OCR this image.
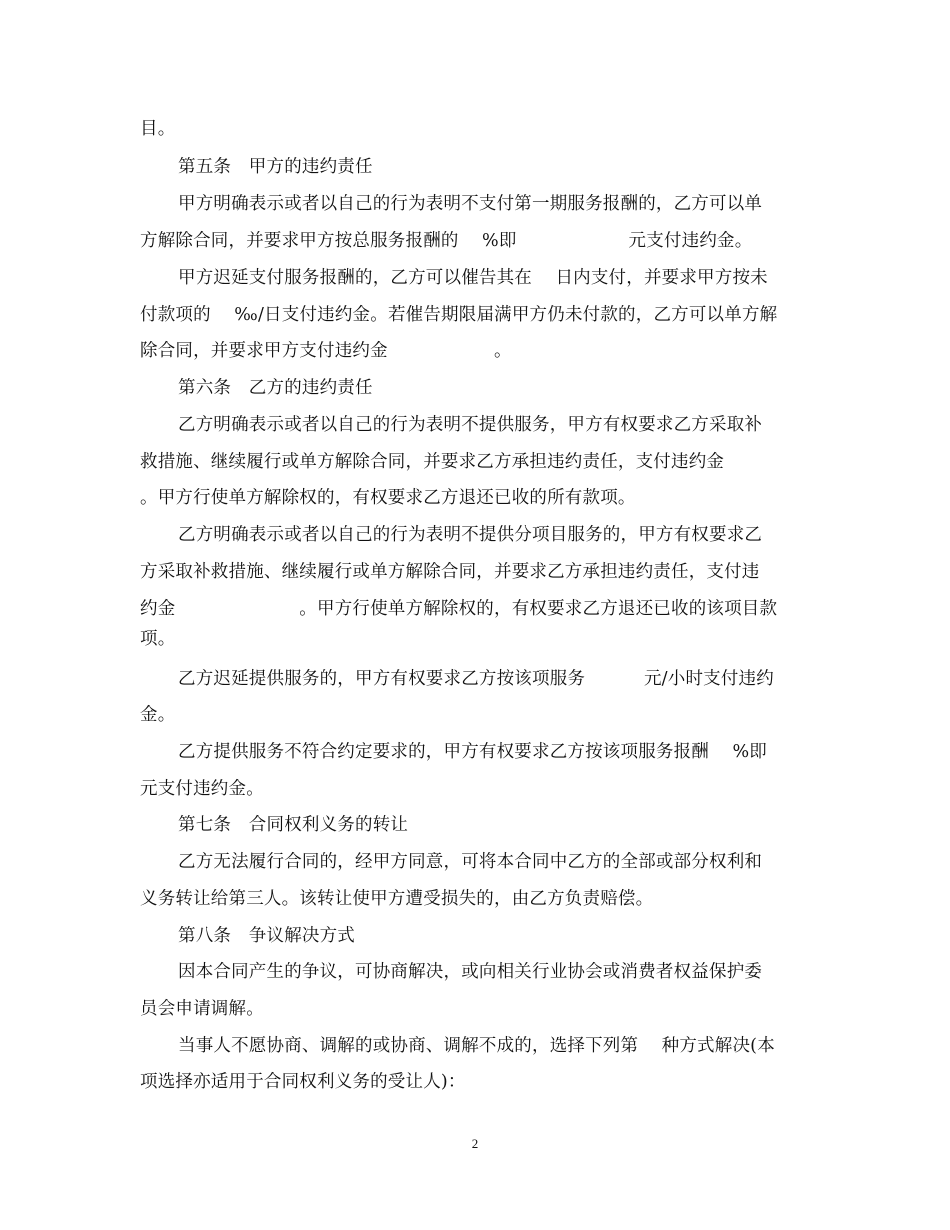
目。
第五条　甲方的违约责任
甲方明确表示或者以自己的行为表明不支付第一期服务报酬的，乙方可以单
方解除合同，并要求甲方按总服务报酬的　 %即　　　　　　 元支付违约金。
甲方迟延支付服务报酬的，乙方可以催告其在　 日内支付，并要求甲方按未
付款项的　 ‰/日支付违约金。若催告期限届满甲方仍未付款的，乙方可以单方解
除合同，并要求甲方支付违约金　　　　　　。
第六条　乙方的违约责任
乙方明确表示或者以自己的行为表明不提供服务，甲方有权要求乙方采取补
救措施、继续履行或单方解除合同，并要求乙方承担违约责任，支付违约金
。甲方行使单方解除权的，有权要求乙方退还已收的所有款项。
乙方明确表示或者以自己的行为表明不提供分项目服务的，甲方有权要求乙
方采取补救措施、继续履行或单方解除合同，并要求乙方承担违约责任，支付违
约金　　　　　　　。甲方行使单方解除权的，有权要求乙方退还已收的该项目款
项。
乙方迟延提供服务的，甲方有权要求乙方按该项服务　　　 元/小时支付违约
金。
乙方提供服务不符合约定要求的，甲方有权要求乙方按该项服务报酬　 %即
元支付违约金。
第七条　合同权利义务的转让
乙方无法履行合同的，经甲方同意，可将本合同中乙方的全部或部分权利和
义务转让给第三人。该转让使甲方遭受损失的，由乙方负责赔偿。
第八条　争议解决方式
因本合同产生的争议，可协商解决，或向相关行业协会或消费者权益保护委
员会申请调解。
当事人不愿协商、调解的或协商、调解不成的，选择下列第　 种方式解决(本
项选择亦适用于合同权利义务的受让人)：
2
